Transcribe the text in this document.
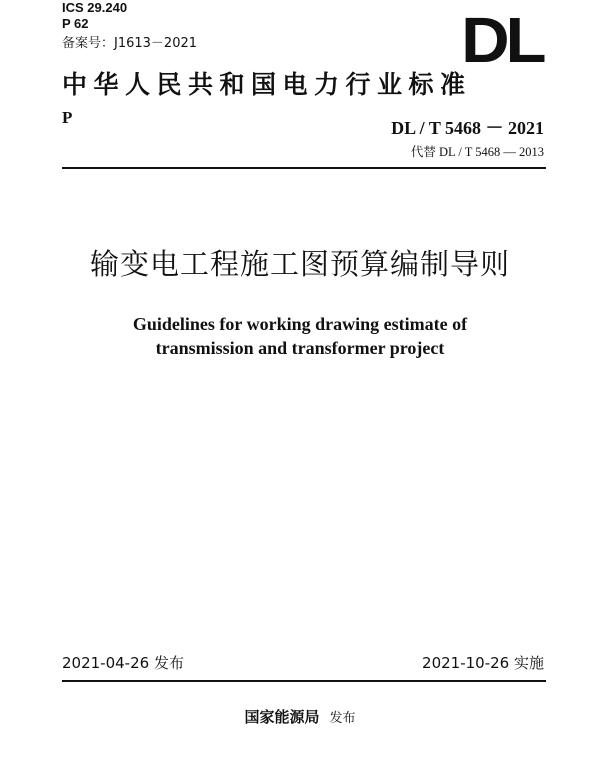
ICS 29.240
P 62
备案号：J1613－2021	DL
中华人民共和国电力行业标准
P
DL / T 5468 － 2021
代替 DL / T 5468 — 2013
输变电工程施工图预算编制导则
Guidelines for working drawing estimate of
transmission and transformer project
2021-04-26 发布	2021-10-26 实施
国家能源局 发布
